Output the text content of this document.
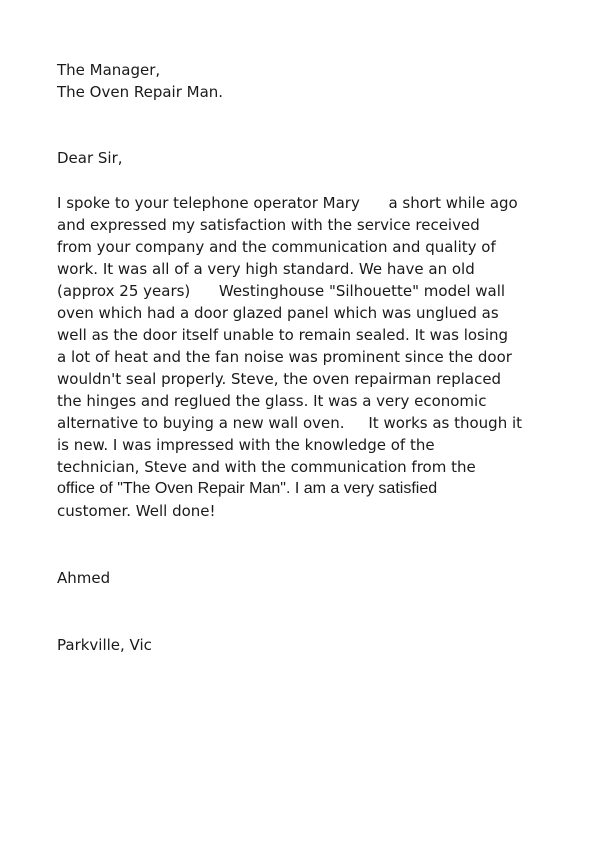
The Manager,
The Oven Repair Man.
Dear Sir,
I spoke to your telephone operator Mary      a short while ago
and expressed my satisfaction with the service received
from your company and the communication and quality of
work. It was all of a very high standard. We have an old
(approx 25 years)      Westinghouse "Silhouette" model wall
oven which had a door glazed panel which was unglued as
well as the door itself unable to remain sealed. It was losing
a lot of heat and the fan noise was prominent since the door
wouldn't seal properly. Steve, the oven repairman replaced
the hinges and reglued the glass. It was a very economic
alternative to buying a new wall oven.     It works as though it
is new. I was impressed with the knowledge of the
technician, Steve and with the communication from the
office of "The Oven Repair Man". I am a very satisfied
customer. Well done!
Ahmed
Parkville, Vic
